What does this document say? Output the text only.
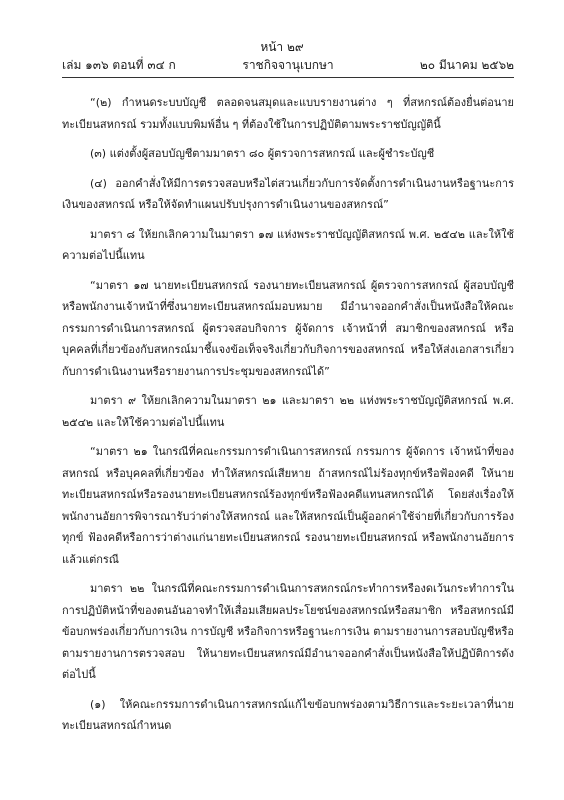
หน้า ๒๙
เล่ม ๑๓๖ ตอนที่ ๓๔ ก	ราชกิจจานุเบกษา	๒๐ มีนาคม ๒๕๖๒

“(๒) กำหนดระบบบัญชี ตลอดจนสมุดและแบบรายงานต่าง ๆ ที่สหกรณ์ต้องยื่นต่อนายทะเบียนสหกรณ์ รวมทั้งแบบพิมพ์อื่น ๆ ที่ต้องใช้ในการปฏิบัติตามพระราชบัญญัตินี้

(๓) แต่งตั้งผู้สอบบัญชีตามมาตรา ๘๐ ผู้ตรวจการสหกรณ์ และผู้ชำระบัญชี

(๔) ออกคำสั่งให้มีการตรวจสอบหรือไต่สวนเกี่ยวกับการจัดตั้งการดำเนินงานหรือฐานะการเงินของสหกรณ์ หรือให้จัดทำแผนปรับปรุงการดำเนินงานของสหกรณ์”

มาตรา ๘ ให้ยกเลิกความในมาตรา ๑๗ แห่งพระราชบัญญัติสหกรณ์ พ.ศ. ๒๕๔๒ และให้ใช้ความต่อไปนี้แทน

“มาตรา ๑๗ นายทะเบียนสหกรณ์ รองนายทะเบียนสหกรณ์ ผู้ตรวจการสหกรณ์ ผู้สอบบัญชีหรือพนักงานเจ้าหน้าที่ซึ่งนายทะเบียนสหกรณ์มอบหมาย มีอำนาจออกคำสั่งเป็นหนังสือให้คณะกรรมการดำเนินการสหกรณ์ ผู้ตรวจสอบกิจการ ผู้จัดการ เจ้าหน้าที่ สมาชิกของสหกรณ์ หรือบุคคลที่เกี่ยวข้องกับสหกรณ์มาชี้แจงข้อเท็จจริงเกี่ยวกับกิจการของสหกรณ์ หรือให้ส่งเอกสารเกี่ยวกับการดำเนินงานหรือรายงานการประชุมของสหกรณ์ได้”

มาตรา ๙ ให้ยกเลิกความในมาตรา ๒๑ และมาตรา ๒๒ แห่งพระราชบัญญัติสหกรณ์ พ.ศ. ๒๕๔๒ และให้ใช้ความต่อไปนี้แทน

“มาตรา ๒๑ ในกรณีที่คณะกรรมการดำเนินการสหกรณ์ กรรมการ ผู้จัดการ เจ้าหน้าที่ของสหกรณ์ หรือบุคคลที่เกี่ยวข้อง ทำให้สหกรณ์เสียหาย ถ้าสหกรณ์ไม่ร้องทุกข์หรือฟ้องคดี ให้นายทะเบียนสหกรณ์หรือรองนายทะเบียนสหกรณ์ร้องทุกข์หรือฟ้องคดีแทนสหกรณ์ได้ โดยส่งเรื่องให้พนักงานอัยการพิจารณารับว่าต่างให้สหกรณ์ และให้สหกรณ์เป็นผู้ออกค่าใช้จ่ายที่เกี่ยวกับการร้องทุกข์ ฟ้องคดีหรือการว่าต่างแก่นายทะเบียนสหกรณ์ รองนายทะเบียนสหกรณ์ หรือพนักงานอัยการ แล้วแต่กรณี

มาตรา ๒๒ ในกรณีที่คณะกรรมการดำเนินการสหกรณ์กระทำการหรืองดเว้นกระทำการในการปฏิบัติหน้าที่ของตนอันอาจทำให้เสื่อมเสียผลประโยชน์ของสหกรณ์หรือสมาชิก หรือสหกรณ์มีข้อบกพร่องเกี่ยวกับการเงิน การบัญชี หรือกิจการหรือฐานะการเงิน ตามรายงานการสอบบัญชีหรือตามรายงานการตรวจสอบ ให้นายทะเบียนสหกรณ์มีอำนาจออกคำสั่งเป็นหนังสือให้ปฏิบัติการดังต่อไปนี้

(๑) ให้คณะกรรมการดำเนินการสหกรณ์แก้ไขข้อบกพร่องตามวิธีการและระยะเวลาที่นายทะเบียนสหกรณ์กำหนด
